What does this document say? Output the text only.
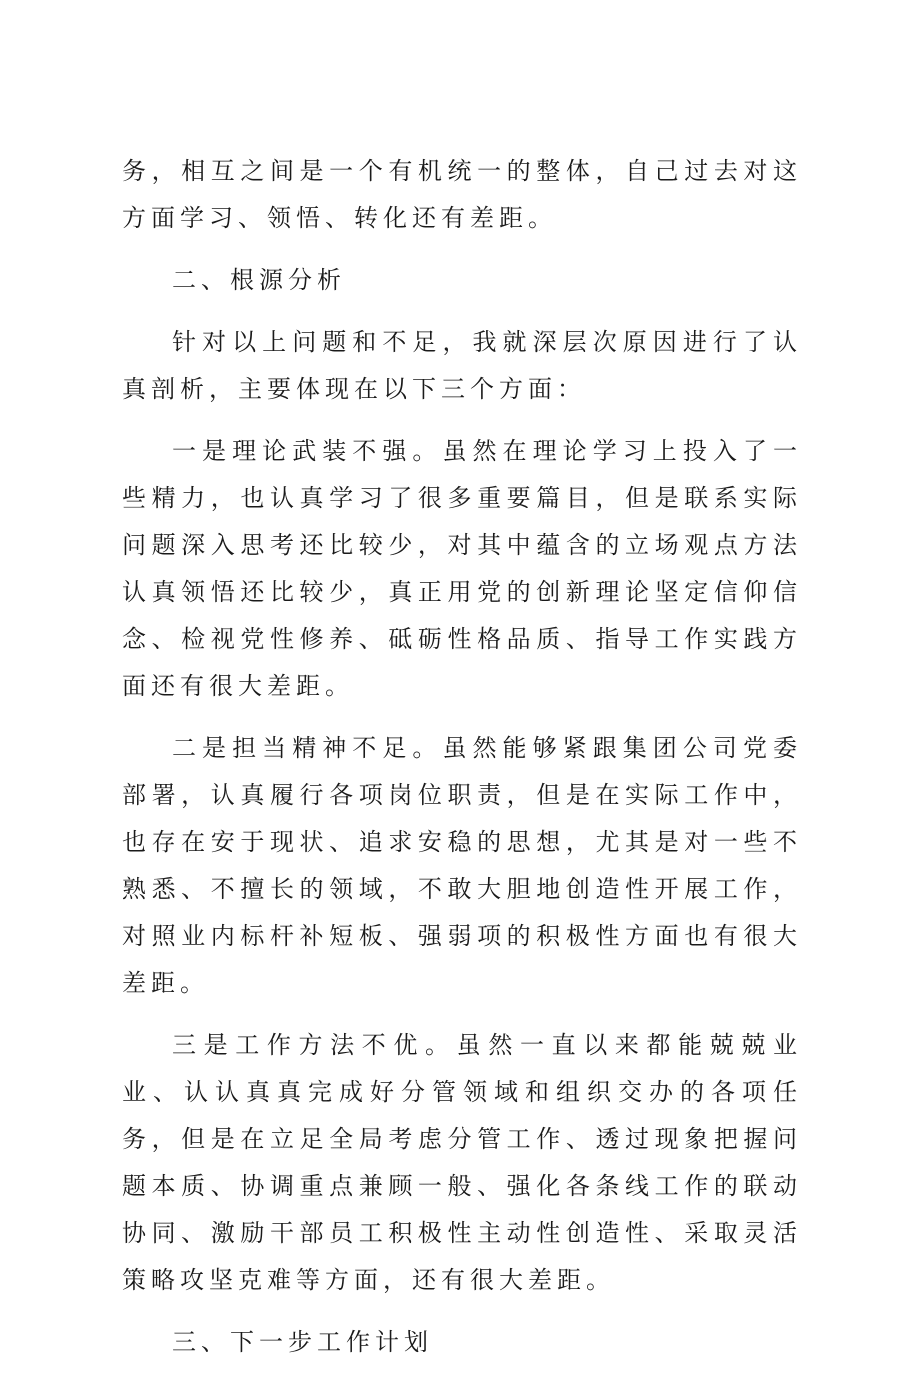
务，相互之间是一个有机统一的整体，自己过去对这方面学习、领悟、转化还有差距。

二、根源分析

针对以上问题和不足，我就深层次原因进行了认真剖析，主要体现在以下三个方面：

一是理论武装不强。虽然在理论学习上投入了一些精力，也认真学习了很多重要篇目，但是联系实际问题深入思考还比较少，对其中蕴含的立场观点方法认真领悟还比较少，真正用党的创新理论坚定信仰信念、检视党性修养、砥砺性格品质、指导工作实践方面还有很大差距。

二是担当精神不足。虽然能够紧跟集团公司党委部署，认真履行各项岗位职责，但是在实际工作中，也存在安于现状、追求安稳的思想，尤其是对一些不熟悉、不擅长的领域，不敢大胆地创造性开展工作，对照业内标杆补短板、强弱项的积极性方面也有很大差距。

三是工作方法不优。虽然一直以来都能兢兢业业、认认真真完成好分管领域和组织交办的各项任务，但是在立足全局考虑分管工作、透过现象把握问题本质、协调重点兼顾一般、强化各条线工作的联动协同、激励干部员工积极性主动性创造性、采取灵活策略攻坚克难等方面，还有很大差距。

三、下一步工作计划
